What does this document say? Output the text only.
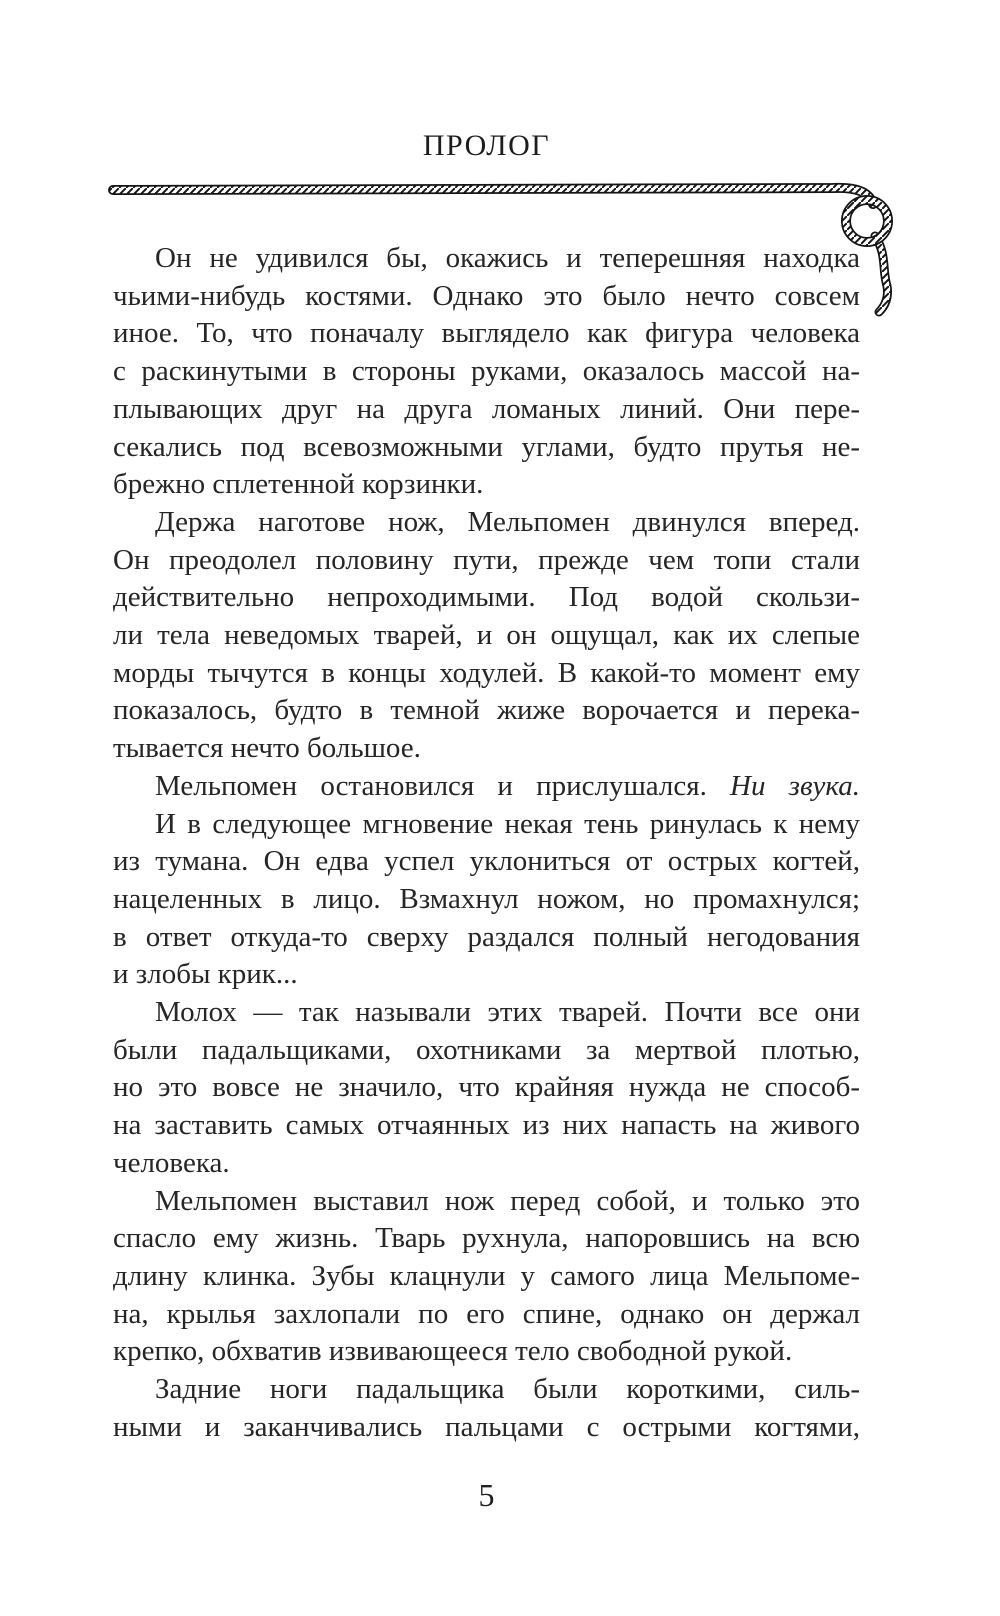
ПРОЛОГ
Он не удивился бы, окажись и теперешняя находка
чьими-нибудь костями. Однако это было нечто совсем
иное. То, что поначалу выглядело как фигура человека
с раскинутыми в стороны руками, оказалось массой на-
плывающих друг на друга ломаных линий. Они пере-
секались под всевозможными углами, будто прутья не-
брежно сплетенной корзинки.
Держа наготове нож, Мельпомен двинулся вперед.
Он преодолел половину пути, прежде чем топи стали
действительно непроходимыми. Под водой скользи-
ли тела неведомых тварей, и он ощущал, как их слепые
морды тычутся в концы ходулей. В какой-то момент ему
показалось, будто в темной жиже ворочается и перека-
тывается нечто большое.
Мельпомен остановился и прислушался. Ни звука.
И в следующее мгновение некая тень ринулась к нему
из тумана. Он едва успел уклониться от острых когтей,
нацеленных в лицо. Взмахнул ножом, но промахнулся;
в ответ откуда-то сверху раздался полный негодования
и злобы крик...
Молох — так называли этих тварей. Почти все они
были падальщиками, охотниками за мертвой плотью,
но это вовсе не значило, что крайняя нужда не способ-
на заставить самых отчаянных из них напасть на живого
человека.
Мельпомен выставил нож перед собой, и только это
спасло ему жизнь. Тварь рухнула, напоровшись на всю
длину клинка. Зубы клацнули у самого лица Мельпоме-
на, крылья захлопали по его спине, однако он держал
крепко, обхватив извивающееся тело свободной рукой.
Задние ноги падальщика были короткими, силь-
ными и заканчивались пальцами с острыми когтями,
5
